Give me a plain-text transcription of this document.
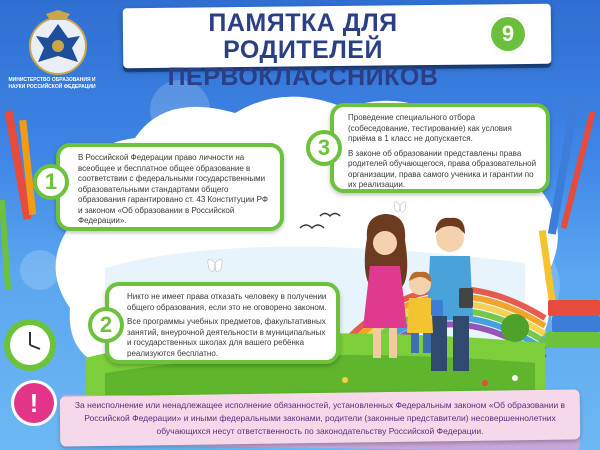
МИНИСТЕРСТВО ОБРАЗОВАНИЯ И НАУКИ РОССИЙСКОЙ ФЕДЕРАЦИИ
ПАМЯТКА ДЛЯ РОДИТЕЛЕЙ
ПЕРВОКЛАССНИКОВ
9

В Российской Федерации право личности на всеобщее и бесплатное общее образование в соответствии с федеральными государственными образовательными стандартами общего образования гарантировано ст. 43 Конституции РФ и законом «Об образовании в Российской Федерации».

1

Проведение специального отбора (собеседование, тестирование) как условия приёма в 1 класс не допускается.

В законе об образовании представлены права родителей обучающегося, права образовательной организации, права самого ученика и гарантии по их реализации.

3

Никто не имеет права отказать человеку в получении общего образования, если это не оговорено законом.

Все программы учебных предметов, факультативных занятий, внеурочной деятельности в муниципальных и государственных школах для вашего ребёнка реализуются бесплатно.

2
За неисполнение или ненадлежащее исполнение обязанностей, установленных Федеральным законом «Об образовании в Российской Федерации» и иными федеральными законами, родители (законные представители) несовершеннолетних обучающихся несут ответственность по законодательству Российской Федерации.
!
